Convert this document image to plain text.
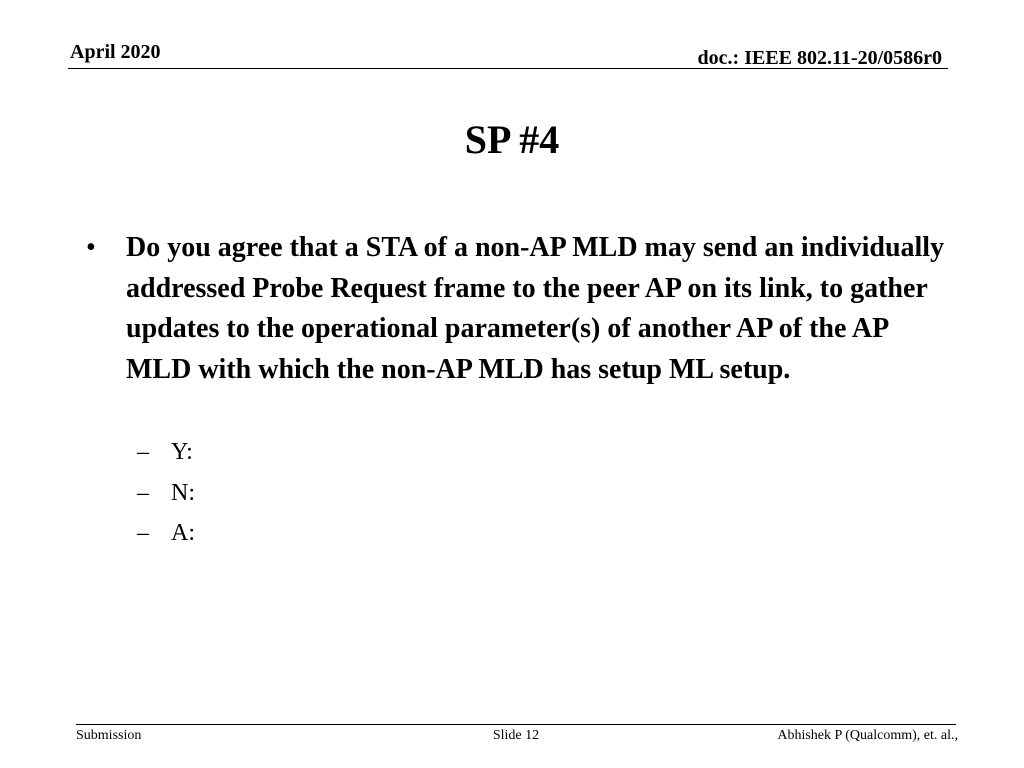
April 2020	doc.: IEEE 802.11-20/0586r0
SP #4
• Do you agree that a STA of a non-AP MLD may send an individually addressed Probe Request frame to the peer AP on its link, to gather updates to the operational parameter(s) of another AP of the AP MLD with which the non-AP MLD has setup ML setup.
– Y:
– N:
– A:
Submission	Slide 12	Abhishek P (Qualcomm), et. al.,
